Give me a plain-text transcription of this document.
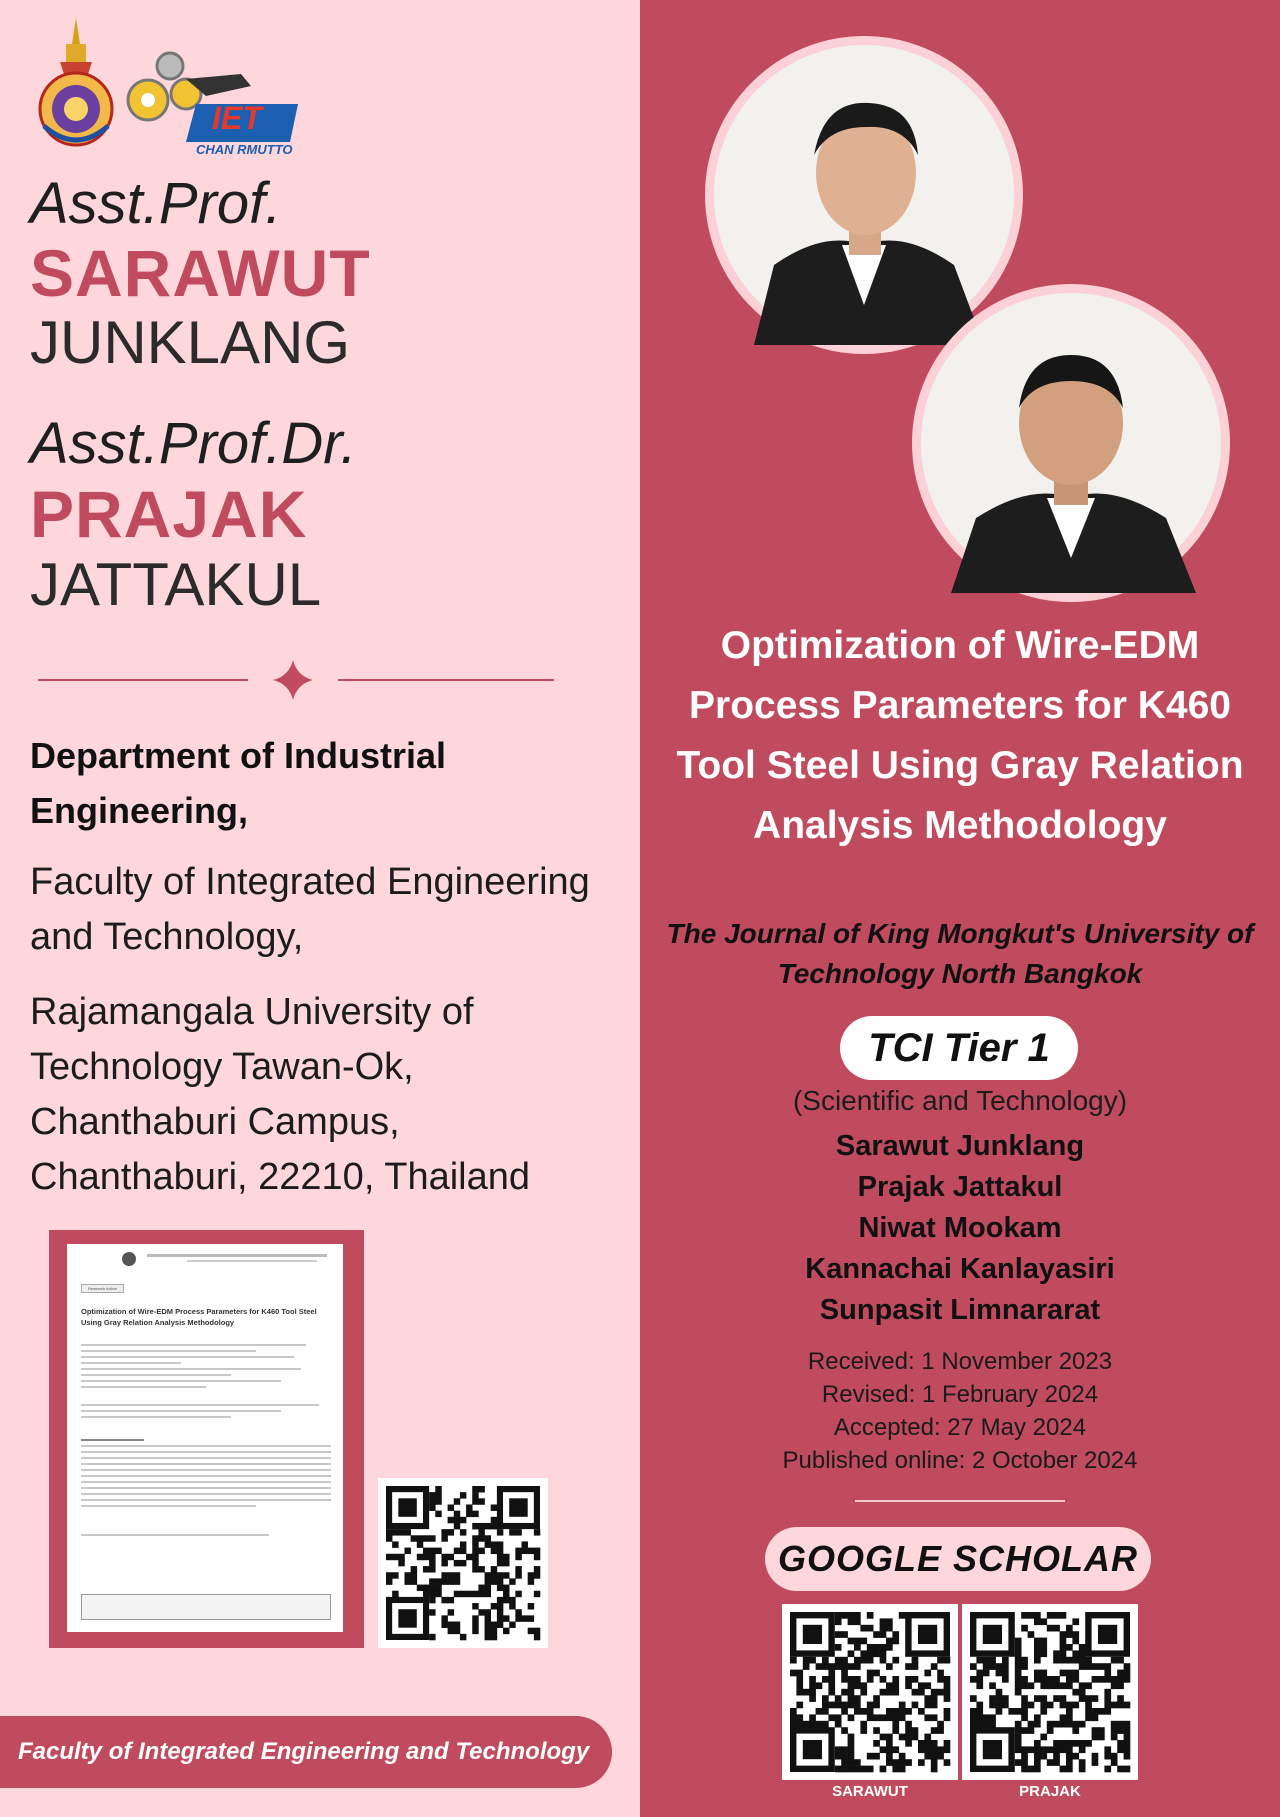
IET
CHAN RMUTTO
Asst.Prof.
SARAWUT
JUNKLANG
Asst.Prof.Dr.
PRAJAK
JATTAKUL
Department of Industrial Engineering,
Faculty of Integrated Engineering and Technology,
Rajamangala University of
Technology Tawan-Ok,
Chanthaburi Campus,
Chanthaburi, 22210, Thailand
Research Article
Optimization of Wire-EDM Process Parameters for K460 Tool Steel Using Gray Relation Analysis Methodology
Faculty of Integrated Engineering and Technology
Optimization of Wire-EDM Process Parameters for K460 Tool Steel Using Gray Relation Analysis Methodology
The Journal of King Mongkut's University of Technology North Bangkok
TCI Tier 1
(Scientific and Technology)
Sarawut Junklang
Prajak Jattakul
Niwat Mookam
Kannachai Kanlayasiri
Sunpasit Limnararat
Received: 1 November 2023
Revised: 1 February 2024
Accepted: 27 May 2024
Published online: 2 October 2024
GOOGLE SCHOLAR
SARAWUT	PRAJAK
